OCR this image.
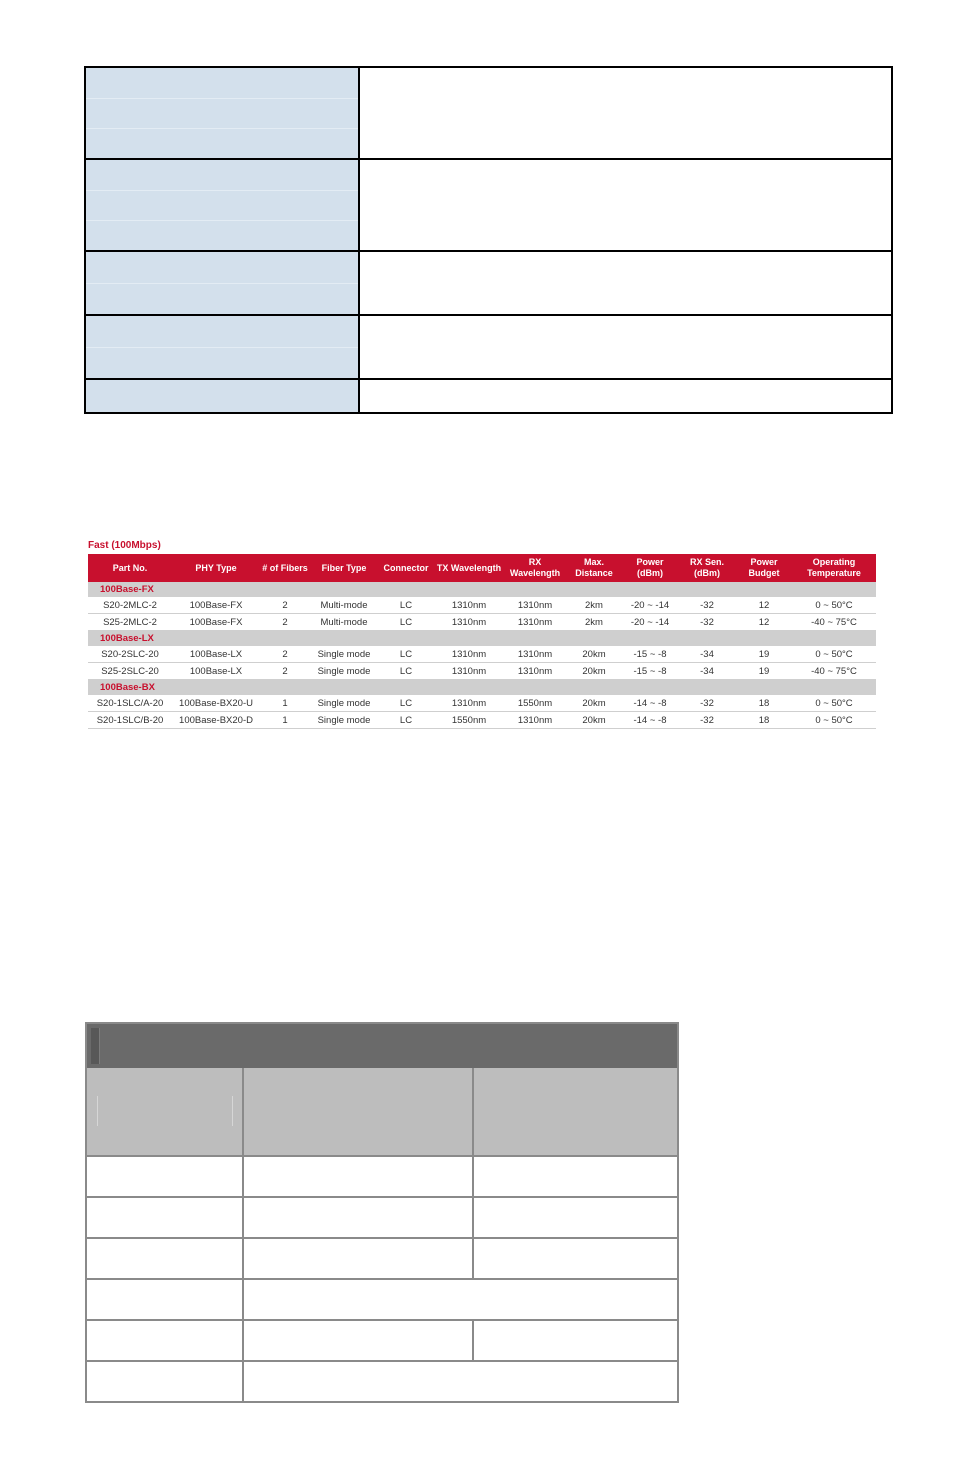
Fast (100Mbps)
Part No.	PHY Type	# of Fibers	Fiber Type	Connector	TX Wavelength	RX Wavelength	Max. Distance	Power (dBm)	RX Sen. (dBm)	Power Budget	Operating Temperature
100Base-FX											
S20-2MLC-2	100Base-FX	2	Multi-mode	LC	1310nm	1310nm	2km	-20 ~ -14	-32	12	0 ~ 50°C
S25-2MLC-2	100Base-FX	2	Multi-mode	LC	1310nm	1310nm	2km	-20 ~ -14	-32	12	-40 ~ 75°C
100Base-LX											
S20-2SLC-20	100Base-LX	2	Single mode	LC	1310nm	1310nm	20km	-15 ~ -8	-34	19	0 ~ 50°C
S25-2SLC-20	100Base-LX	2	Single mode	LC	1310nm	1310nm	20km	-15 ~ -8	-34	19	-40 ~ 75°C
100Base-BX											
S20-1SLC/A-20	100Base-BX20-U	1	Single mode	LC	1310nm	1550nm	20km	-14 ~ -8	-32	18	0 ~ 50°C
S20-1SLC/B-20	100Base-BX20-D	1	Single mode	LC	1550nm	1310nm	20km	-14 ~ -8	-32	18	0 ~ 50°C
